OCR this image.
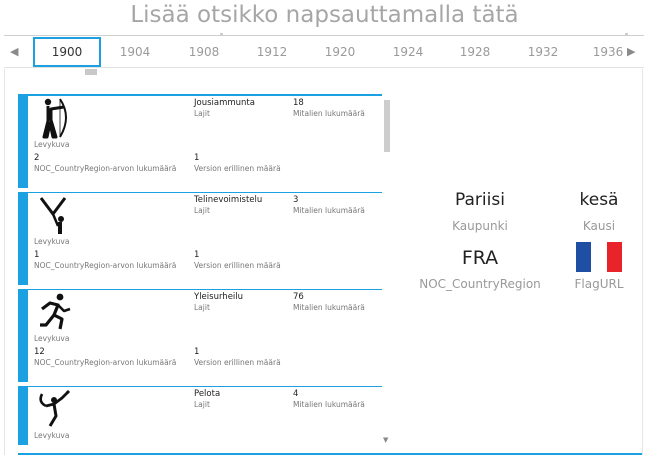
Lisää otsikko napsauttamalla tätä
◀	▶
1900	1904	1908	1912	1920	1924	1928	1932	1936
Levykuva
Jousiammunta
Lajit
18
Mitalien lukumäärä
2
NOC_CountryRegion-arvon lukumäärä
1
Version erillinen määrä
Levykuva
Telinevoimistelu
Lajit
3
Mitalien lukumäärä
1
NOC_CountryRegion-arvon lukumäärä
1
Version erillinen määrä
Levykuva
Yleisurheilu
Lajit
76
Mitalien lukumäärä
12
NOC_CountryRegion-arvon lukumäärä
1
Version erillinen määrä
Levykuva
Pelota
Lajit
4
Mitalien lukumäärä
▼
Pariisi
Kaupunki
kesä
Kausi
FRA
NOC_CountryRegion	FlagURL
